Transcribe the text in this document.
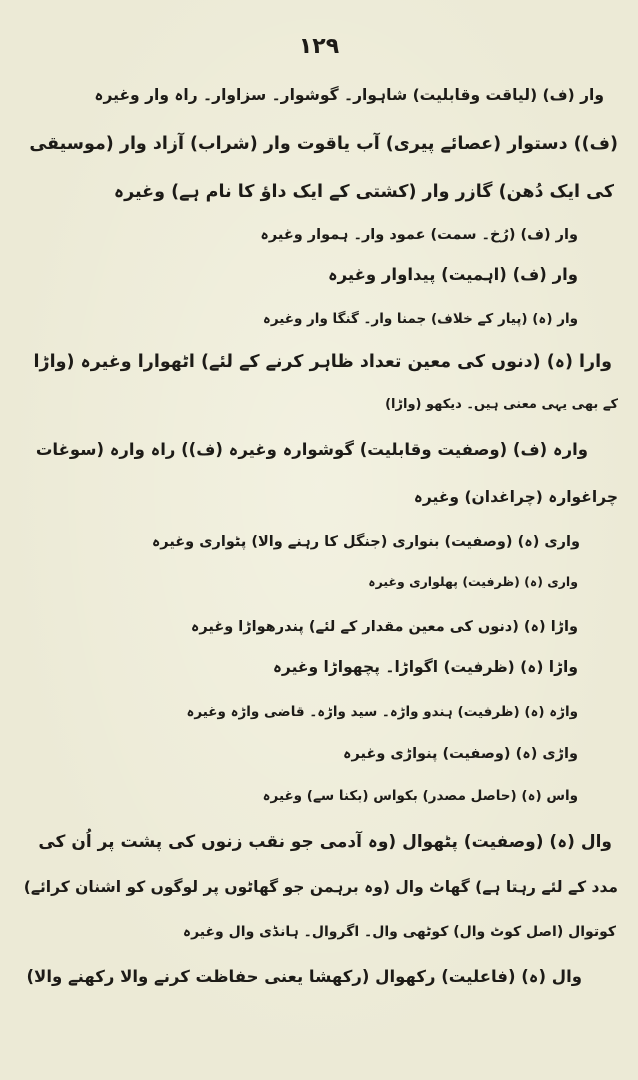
١٢٩
وار (ف) (لیاقت وقابلیت) شاہوار۔ گوشوار۔ سزاوار۔ راہ وار وغیرہ
(ف)) دستوار (عصائے پیری) آب یاقوت وار (شراب) آزاد وار (موسیقی
کی ایک دُھن) گازر وار (کشتی کے ایک داؤ کا نام ہے) وغیرہ
وار (ف) (رُخ۔ سمت) عمود وار۔ ہموار وغیرہ
وار (ف) (اہمیت) پیداوار وغیرہ
وار (ہ) (پیار کے خلاف) جمنا وار۔ گنگا وار وغیرہ
وارا (ہ) (دنوں کی معین تعداد ظاہر کرنے کے لئے) اٹھوارا وغیرہ (واڑا
کے بھی یہی معنی ہیں۔ دیکھو (واڑا)
وارہ (ف) (وصفیت وقابلیت) گوشوارہ وغیرہ (ف)) راہ وارہ (سوغات
چراغوارہ (چراغدان) وغیرہ
واری (ہ) (وصفیت) بنواری (جنگل کا رہنے والا) پٹواری وغیرہ
واری (ہ) (ظرفیت) پھلواری وغیرہ
واڑا (ہ) (دنوں کی معین مقدار کے لئے) پندرھواڑا وغیرہ
واڑا (ہ) (ظرفیت) اگواڑا۔ پچھواڑا وغیرہ
واڑہ (ہ) (ظرفیت) ہندو واڑہ۔ سید واڑہ۔ قاضی واڑہ وغیرہ
واڑی (ہ) (وصفیت) پنواڑی وغیرہ
واس (ہ) (حاصل مصدر) بکواس (بکنا سے) وغیرہ
وال (ہ) (وصفیت) پٹھوال (وہ آدمی جو نقب زنوں کی پشت پر اُن کی
مدد کے لئے رہتا ہے) گھاٹ وال (وہ برہمن جو گھاٹوں پر لوگوں کو اشنان کرائے)
کوتوال (اصل کوٹ وال) کوٹھی وال۔ اگروال۔ ہانڈی وال وغیرہ
وال (ہ) (فاعلیت) رکھوال (رکھشا یعنی حفاظت کرنے والا رکھنے والا)
